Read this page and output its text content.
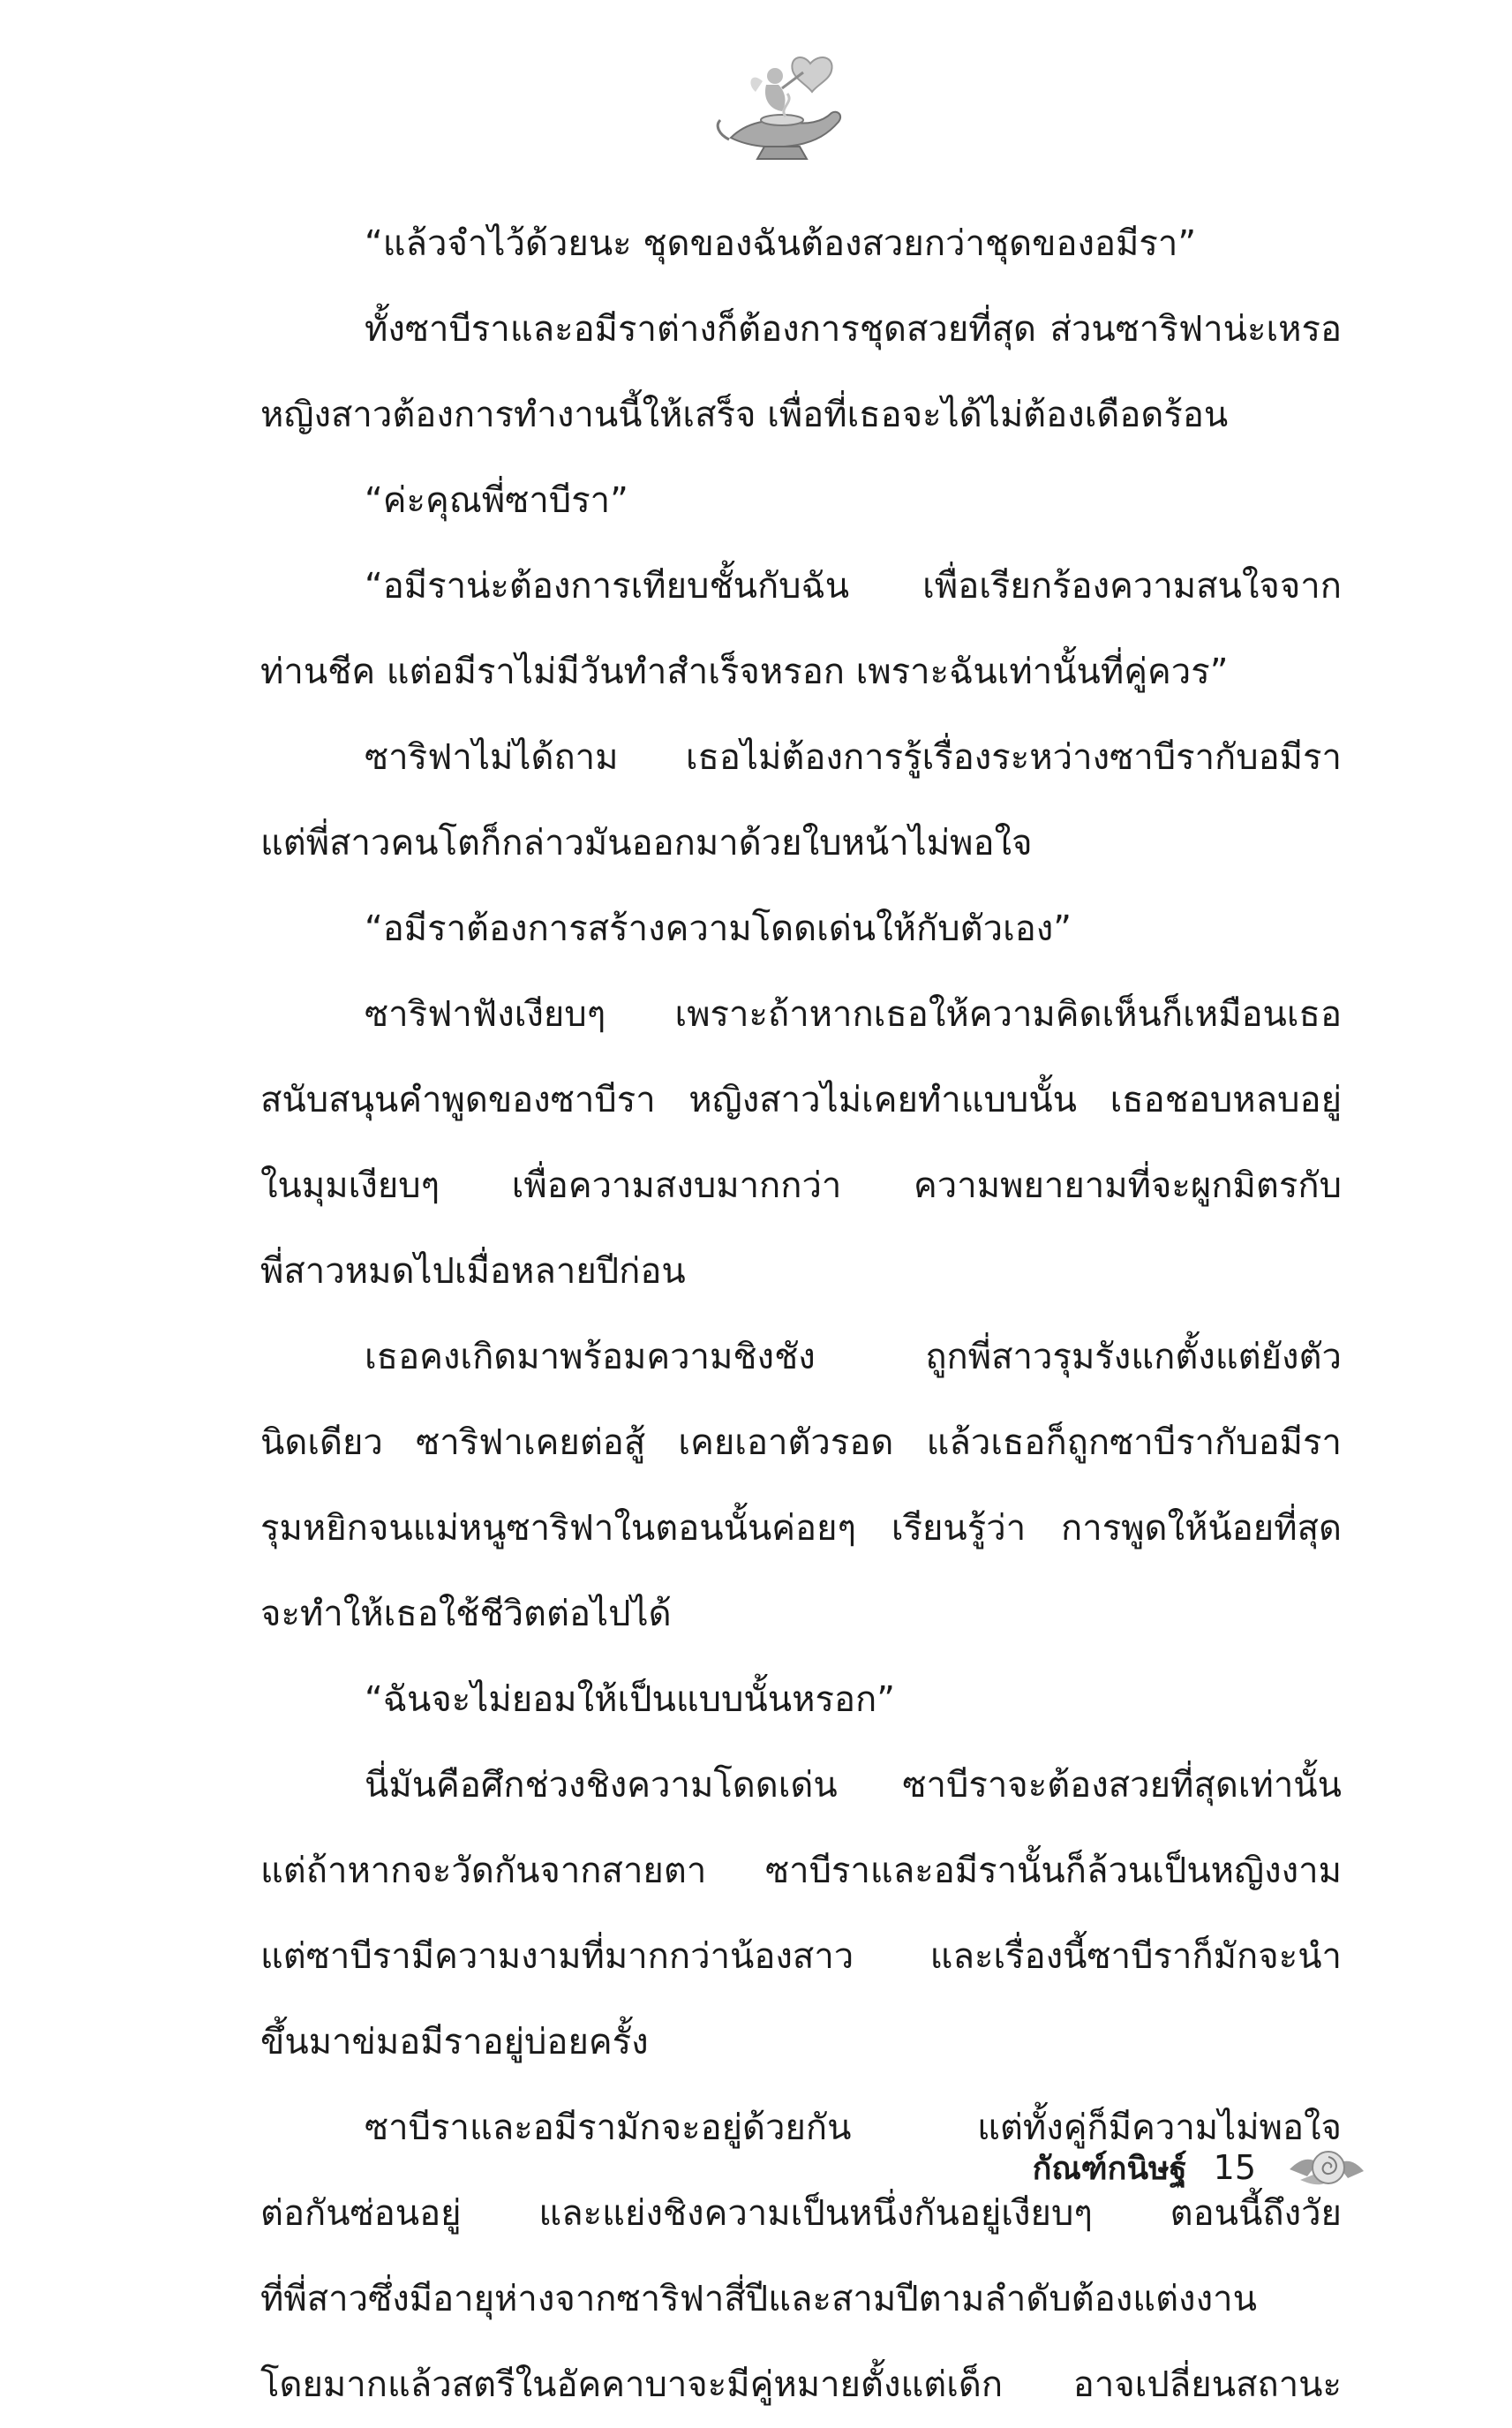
“แล้วจำไว้ด้วยนะ ชุดของฉันต้องสวยกว่าชุดของอมีรา”
ทั้งซาบีราและอมีราต่างก็ต้องการชุดสวยที่สุด ส่วนซาริฟาน่ะเหรอ
หญิงสาวต้องการทำงานนี้ให้เสร็จ เพื่อที่เธอจะได้ไม่ต้องเดือดร้อน
“ค่ะคุณพี่ซาบีรา”
“อมีราน่ะต้องการเทียบชั้นกับฉัน เพื่อเรียกร้องความสนใจจาก
ท่านชีค แต่อมีราไม่มีวันทำสำเร็จหรอก เพราะฉันเท่านั้นที่คู่ควร”
ซาริฟาไม่ได้ถาม เธอไม่ต้องการรู้เรื่องระหว่างซาบีรากับอมีรา
แต่พี่สาวคนโตก็กล่าวมันออกมาด้วยใบหน้าไม่พอใจ
“อมีราต้องการสร้างความโดดเด่นให้กับตัวเอง”
ซาริฟาฟังเงียบๆ เพราะถ้าหากเธอให้ความคิดเห็นก็เหมือนเธอ
สนับสนุนคำพูดของซาบีรา หญิงสาวไม่เคยทำแบบนั้น เธอชอบหลบอยู่
ในมุมเงียบๆ เพื่อความสงบมากกว่า ความพยายามที่จะผูกมิตรกับ
พี่สาวหมดไปเมื่อหลายปีก่อน
เธอคงเกิดมาพร้อมความชิงชัง ถูกพี่สาวรุมรังแกตั้งแต่ยังตัว
นิดเดียว ซาริฟาเคยต่อสู้ เคยเอาตัวรอด แล้วเธอก็ถูกซาบีรากับอมีรา
รุมหยิกจนแม่หนูซาริฟาในตอนนั้นค่อยๆ เรียนรู้ว่า การพูดให้น้อยที่สุด
จะทำให้เธอใช้ชีวิตต่อไปได้
“ฉันจะไม่ยอมให้เป็นแบบนั้นหรอก”
นี่มันคือศึกช่วงชิงความโดดเด่น ซาบีราจะต้องสวยที่สุดเท่านั้น
แต่ถ้าหากจะวัดกันจากสายตา ซาบีราและอมีรานั้นก็ล้วนเป็นหญิงงาม
แต่ซาบีรามีความงามที่มากกว่าน้องสาว และเรื่องนี้ซาบีราก็มักจะนำ
ขึ้นมาข่มอมีราอยู่บ่อยครั้ง
ซาบีราและอมีรามักจะอยู่ด้วยกัน แต่ทั้งคู่ก็มีความไม่พอใจ
ต่อกันซ่อนอยู่ และแย่งชิงความเป็นหนึ่งกันอยู่เงียบๆ ตอนนี้ถึงวัย
ที่พี่สาวซึ่งมีอายุห่างจากซาริฟาสี่ปีและสามปีตามลำดับต้องแต่งงาน
โดยมากแล้วสตรีในอัคคาบาจะมีคู่หมายตั้งแต่เด็ก อาจเปลี่ยนสถานะ
กัณฑ์กนิษฐ์ 15
